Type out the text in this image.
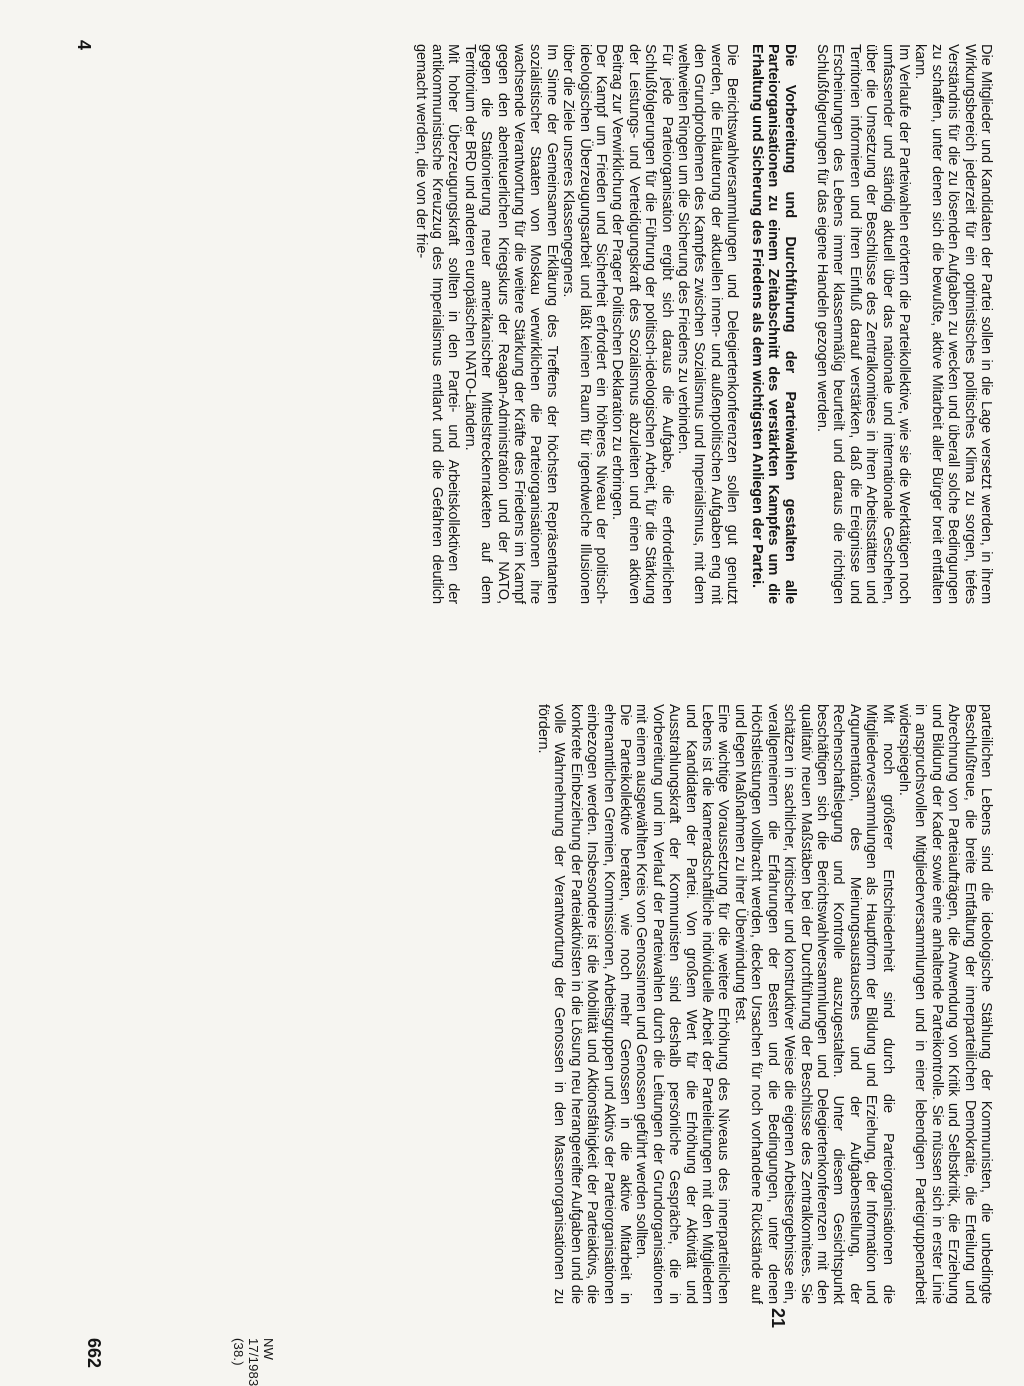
Die Mitglieder und Kandidaten der Partei sollen in die Lage versetzt werden, in ihrem Wirkungsbereich jederzeit für ein optimistisches politisches Klima zu sorgen, tiefes Verständnis für die zu lösenden Aufgaben zu wecken und überall solche Bedingungen zu schaffen, unter denen sich die bewußte, aktive Mitarbeit aller Bürger breit entfalten kann.

Im Verlaufe der Parteiwahlen erörtern die Parteikollektive, wie sie die Werktätigen noch umfassender und ständig aktuell über das nationale und internationale Geschehen, über die Umsetzung der Beschlüsse des Zentralkomitees in ihren Arbeitsstätten und Territorien informieren und ihren Einfluß darauf verstärken, daß die Ereignisse und Erscheinungen des Lebens immer klassenmäßig beurteilt und daraus die richtigen Schlußfolgerungen für das eigene Handeln gezogen werden.

Die Vorbereitung und Durchführung der Parteiwahlen gestalten alle Parteiorganisationen zu einem Zeitabschnitt des verstärkten Kampfes um die Erhaltung und Sicherung des Friedens als dem wichtigsten Anliegen der Partei.

Die Berichtswahlversammlungen und Delegiertenkonferenzen sollen gut genutzt werden, die Erläuterung der aktuellen innen- und außenpolitischen Aufgaben eng mit den Grundproblemen des Kampfes zwischen Sozialismus und Imperialismus, mit dem weltweiten Ringen um die Sicherung des Friedens zu verbinden.

Für jede Parteiorganisation ergibt sich daraus die Aufgabe, die erforderlichen Schlußfolgerungen für die Führung der politisch-ideologischen Arbeit, für die Stärkung der Leistungs- und Verteidigungskraft des Sozialismus abzuleiten und einen aktiven Beitrag zur Verwirklichung der Prager Politischen Deklaration zu erbringen.

Der Kampf um Frieden und Sicherheit erfordert ein höheres Niveau der politisch-ideologischen Überzeugungsarbeit und läßt keinen Raum für irgendwelche Illusionen über die Ziele unseres Klassengegners.

Im Sinne der Gemeinsamen Erklärung des Treffens der höchsten Repräsentanten sozialistischer Staaten von Moskau verwirklichen die Parteiorganisationen ihre wachsende Verantwortung für die weitere Stärkung der Kräfte des Friedens im Kampf gegen den abenteuerlichen Kriegskurs der Reagan-Administration und der NATO, gegen die Stationierung neuer amerikanischer Mittelstreckenraketen auf dem Territorium der BRD und anderen europäischen NATO-Ländern.

Mit hoher Überzeugungskraft sollten in den Partei- und Arbeitskollektiven der antikommunistische Kreuzzug des Imperialismus entlarvt und die Gefahren deutlich gemacht werden, die von der frie-

parteilichen Lebens sind die ideologische Stählung der Kommunisten, die unbedingte Beschlußtreue, die breite Entfaltung der innerparteilichen Demokratie, die Erteilung und Abrechnung von Parteiaufträgen, die Anwendung von Kritik und Selbstkritik, die Erziehung und Bildung der Kader sowie eine anhaltende Parteikontrolle. Sie müssen sich in erster Linie in anspruchsvollen Mitgliederversammlungen und in einer lebendigen Parteigruppenarbeit widerspiegeln.

Mit noch größerer Entschiedenheit sind durch die Parteiorganisationen die Mitgliederversammlungen als Hauptform der Bildung und Erziehung, der Information und Argumentation, des Meinungsaustausches und der Aufgabenstellung, der Rechenschaftslegung und Kontrolle auszugestalten. Unter diesem Gesichtspunkt beschäftigen sich die Berichtswahlversammlungen und Delegiertenkonferenzen mit den qualitativ neuen Maßstäben bei der Durchführung der Beschlüsse des Zentralkomitees. Sie schätzen in sachlicher, kritischer und konstruktiver Weise die eigenen Arbeitsergebnisse ein, verallgemeinern die Erfahrungen der Besten und die Bedingungen, unter denen Höchstleistungen vollbracht werden, decken Ursachen für noch vorhandene Rückstände auf und legen Maßnahmen zu ihrer Überwindung fest.

Eine wichtige Voraussetzung für die weitere Erhöhung des Niveaus des innerparteilichen Lebens ist die kameradschaftliche individuelle Arbeit der Parteileitungen mit den Mitgliedern und Kandidaten der Partei. Von großem Wert für die Erhöhung der Aktivität und Ausstrahlungskraft der Kommunisten sind deshalb persönliche Gespräche, die in Vorbereitung und im Verlauf der Parteiwahlen durch die Leitungen der Grundorganisationen mit einem ausgewählten Kreis von Genossinnen und Genossen geführt werden sollten.

Die Parteikollektive beraten, wie noch mehr Genossen in die aktive Mitarbeit in ehrenamtlichen Gremien, Kommissionen, Arbeitsgruppen und Aktivs der Parteiorganisationen einbezogen werden. Insbesondere ist die Mobilität und Aktionsfähigkeit der Parteiaktivs, die konkrete Einbeziehung der Parteiaktivisten in die Lösung neu herangereifter Aufgaben und die volle Wahrnehmung der Verantwortung der Genossen in den Massenorganisationen zu fördern.

4
21
662	NW 17/1983 (38.)
